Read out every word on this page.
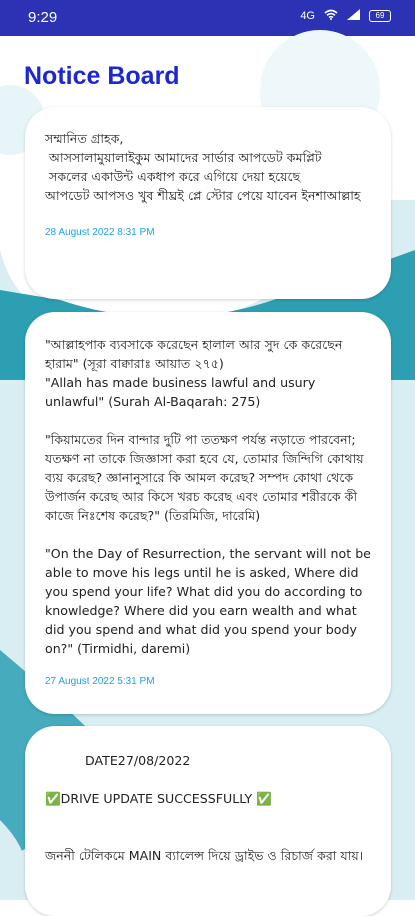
9:29	4G	69
Notice Board
সম্মানিত গ্রাহক,
আসসালামুয়ালাইকুম আমাদের সার্ভার আপডেট কমপ্লিট
সকলের একাউন্ট একধাপ করে এগিয়ে দেয়া হয়েছে
আপডেট আপসও খুব শীঘ্রই প্লে স্টোর পেয়ে যাবেন ইনশাআল্লাহ
28 August 2022 8:31 PM
"আল্লাহপাক ব্যবসাকে করেছেন হালাল আর সুদ কে করেছেন হারাম" (সূরা বাক্বারাঃ আয়াত ২৭৫)
"Allah has made business lawful and usury unlawful" (Surah Al-Baqarah: 275)

"কিয়ামতের দিন বান্দার দুটি পা ততক্ষণ পর্যন্ত নড়াতে পারবেনা; যতক্ষণ না তাকে জিজ্ঞাসা করা হবে যে, তোমার জিন্দিগি কোথায় ব্যয় করেছ? জ্ঞানানুসারে কি আমল করেছ? সম্পদ কোথা থেকে উপার্জন করেছ আর কিসে খরচ করেছ এবং তোমার শরীরকে কী কাজে নিঃশেষ করেছ?" (তিরমিজি, দারেমি)

"On the Day of Resurrection, the servant will not be able to move his legs until he is asked, Where did you spend your life? What did you do according to knowledge? Where did you earn wealth and what did you spend and what did you spend your body on?" (Tirmidhi, daremi)
27 August 2022 5:31 PM
DATE27/08/2022

✅DRIVE UPDATE SUCCESSFULLY ✅

জননী টেলিকমে MAIN ব্যালেন্স দিয়ে ড্রাইভ ও রিচার্জ করা যায়।
